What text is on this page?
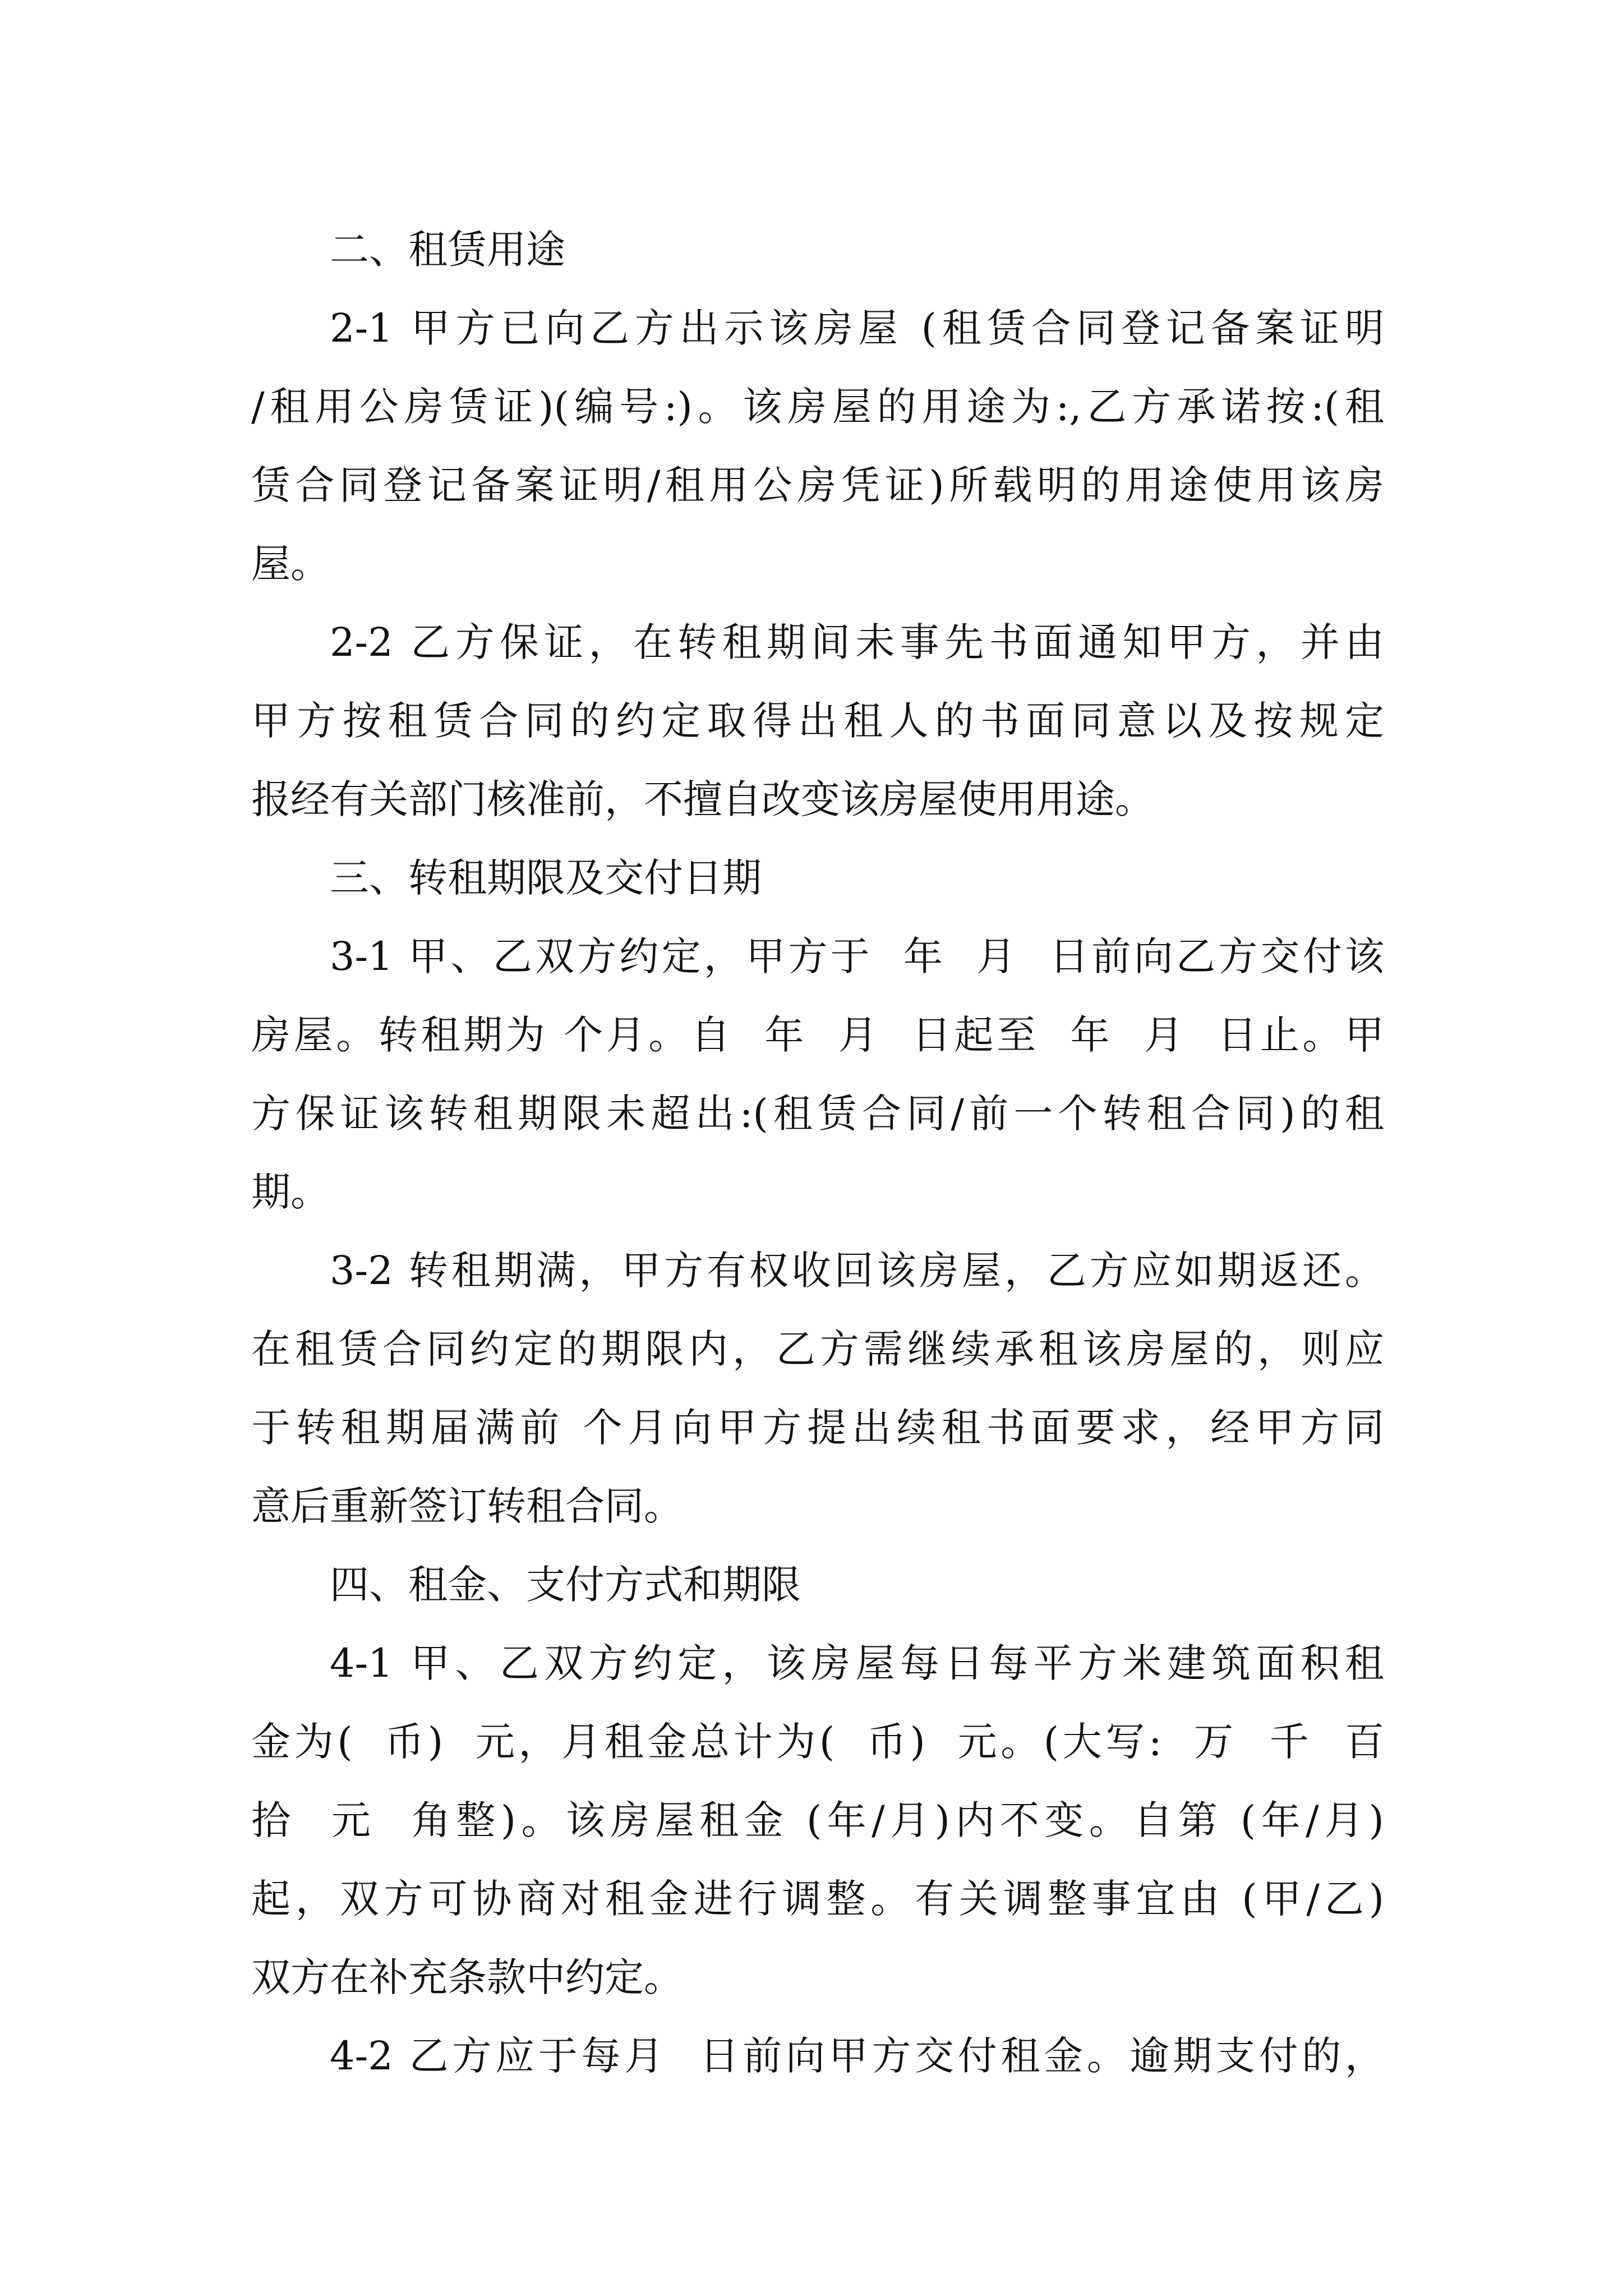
二、租赁用途
2-1 甲方已向乙方出示该房屋 (租赁合同登记备案证明
/租用公房赁证)(编号:)。该房屋的用途为:,乙方承诺按:(租
赁合同登记备案证明/租用公房凭证)所载明的用途使用该房
屋。
2-2 乙方保证，在转租期间未事先书面通知甲方，并由
甲方按租赁合同的约定取得出租人的书面同意以及按规定
报经有关部门核准前，不擅自改变该房屋使用用途。
三、转租期限及交付日期
3-1 甲、乙双方约定，甲方于  年  月  日前向乙方交付该
房屋。转租期为 个月。自  年  月  日起至  年  月  日止。甲
方保证该转租期限未超出:(租赁合同/前一个转租合同)的租
期。
3-2 转租期满，甲方有权收回该房屋，乙方应如期返还。
在租赁合同约定的期限内，乙方需继续承租该房屋的，则应
于转租期届满前 个月向甲方提出续租书面要求，经甲方同
意后重新签订转租合同。
四、租金、支付方式和期限
4-1 甲、乙双方约定，该房屋每日每平方米建筑面积租
金为(  币)  元，月租金总计为(  币)  元。(大写:  万  千  百
拾  元  角整)。该房屋租金 (年/月)内不变。自第 (年/月)
起，双方可协商对租金进行调整。有关调整事宜由 (甲/乙)
双方在补充条款中约定。
4-2 乙方应于每月  日前向甲方交付租金。逾期支付的，
